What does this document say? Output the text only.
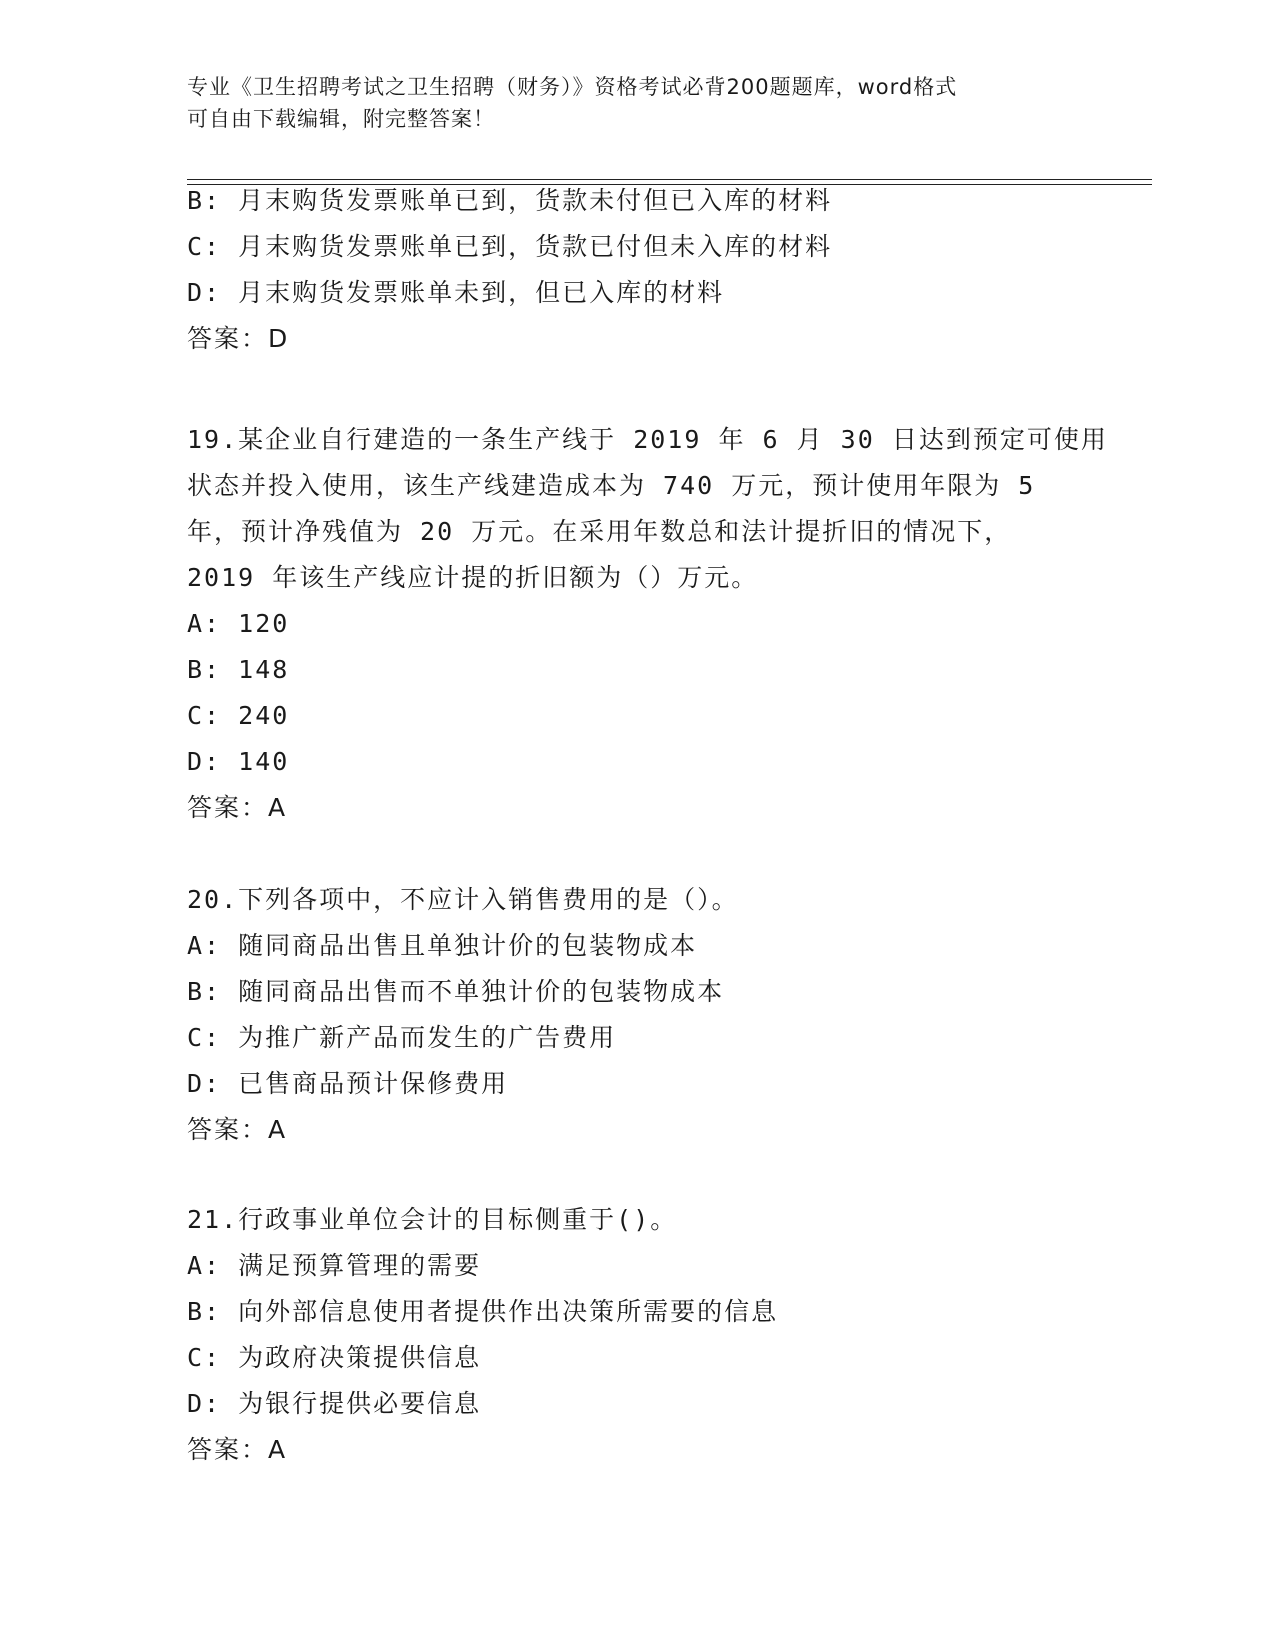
专业《卫生招聘考试之卫生招聘（财务）》资格考试必背200题题库，word格式
可自由下载编辑，附完整答案！
B: 月末购货发票账单已到，货款未付但已入库的材料
C: 月末购货发票账单已到，货款已付但未入库的材料
D: 月末购货发票账单未到，但已入库的材料
答案：D
19.某企业自行建造的一条生产线于 2019 年 6 月 30 日达到预定可使用
状态并投入使用，该生产线建造成本为 740 万元，预计使用年限为 5
年，预计净残值为 20 万元。在采用年数总和法计提折旧的情况下，
2019 年该生产线应计提的折旧额为（）万元。
A: 120
B: 148
C: 240
D: 140
答案：A
20.下列各项中，不应计入销售费用的是（）。
A: 随同商品出售且单独计价的包装物成本
B: 随同商品出售而不单独计价的包装物成本
C: 为推广新产品而发生的广告费用
D: 已售商品预计保修费用
答案：A
21.行政事业单位会计的目标侧重于()。
A: 满足预算管理的需要
B: 向外部信息使用者提供作出决策所需要的信息
C: 为政府决策提供信息
D: 为银行提供必要信息
答案：A
